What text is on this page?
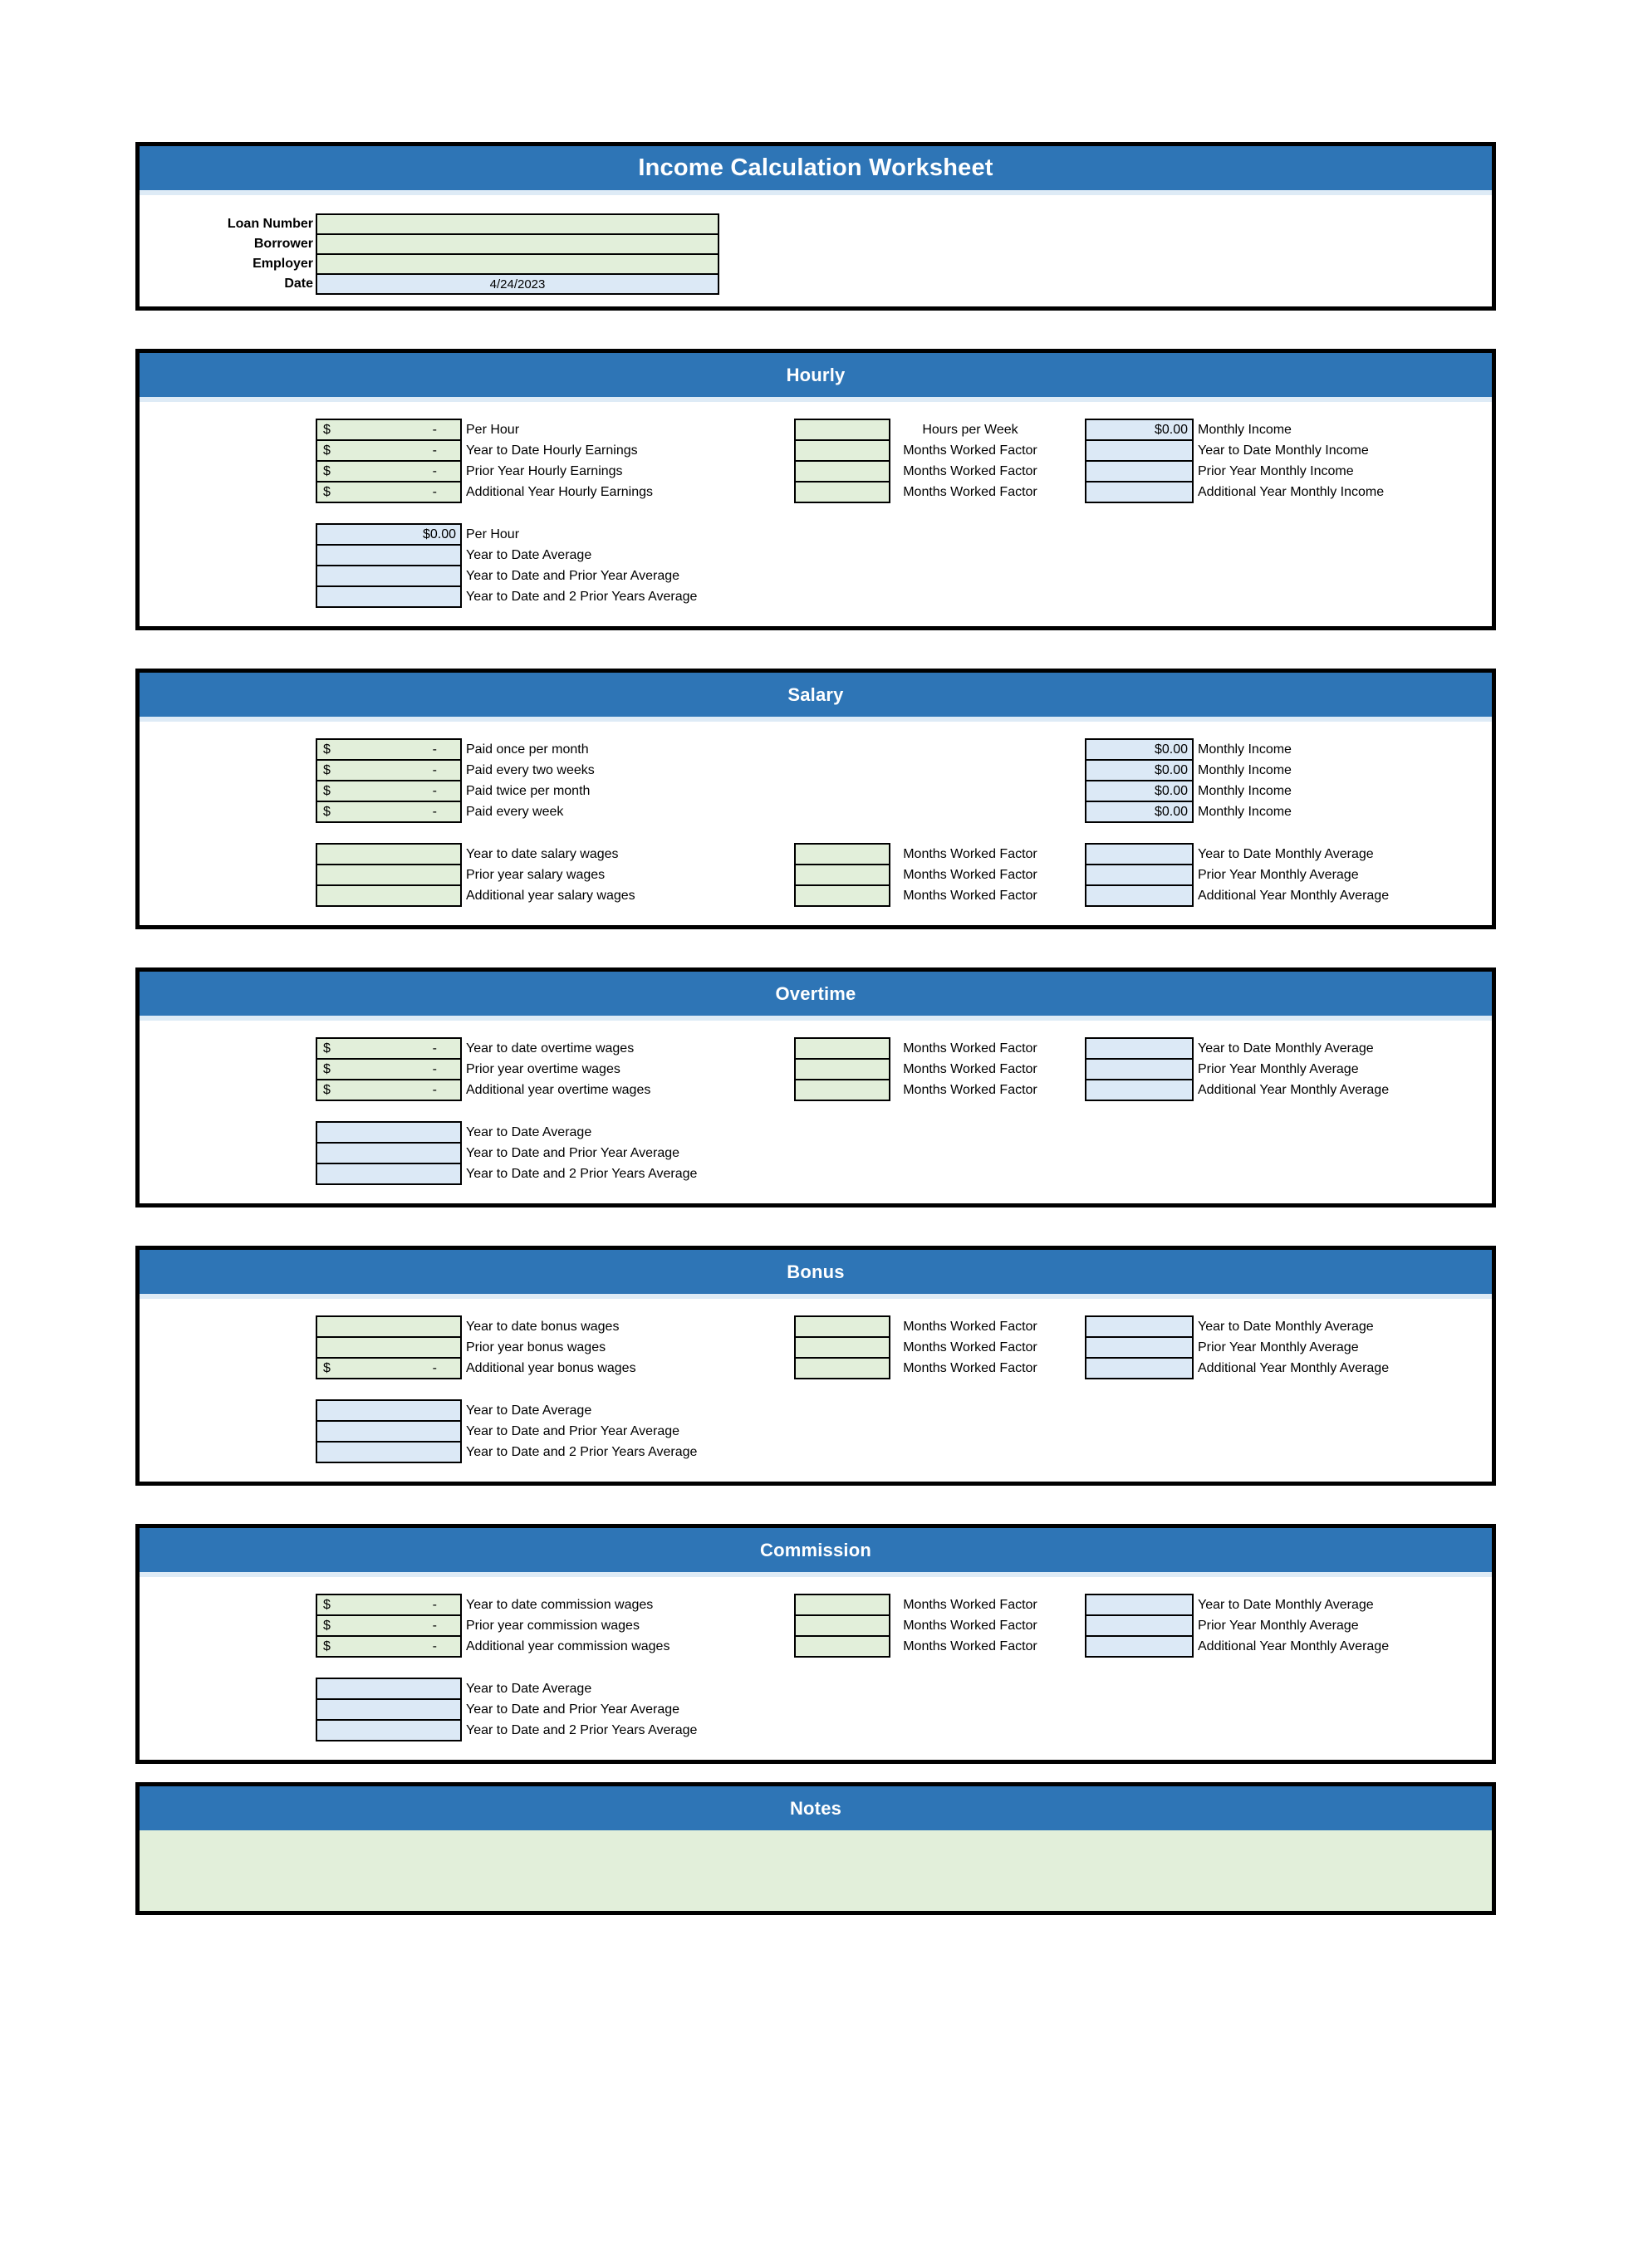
Income Calculation Worksheet
Loan Number
Borrower
Employer
Date	4/24/2023
Hourly
$	-	Per Hour	Hours per Week	$0.00 Monthly Income
$	-	Year to Date Hourly Earnings	Months Worked Factor	Year to Date Monthly Income
$	-	Prior Year Hourly Earnings	Months Worked Factor	Prior Year Monthly Income
$	-	Additional Year Hourly Earnings	Months Worked Factor	Additional Year Monthly Income
$0.00 Per Hour
Year to Date Average
Year to Date and Prior Year Average
Year to Date and 2 Prior Years Average
Salary
$	-	Paid once per month	$0.00 Monthly Income
$	-	Paid every two weeks	$0.00 Monthly Income
$	-	Paid twice per month	$0.00 Monthly Income
$	-	Paid every week	$0.00 Monthly Income
Year to date salary wages	Months Worked Factor	Year to Date Monthly Average
Prior year salary wages	Months Worked Factor	Prior Year Monthly Average
Additional year salary wages	Months Worked Factor	Additional Year Monthly Average
Overtime
$	-	Year to date overtime wages	Months Worked Factor	Year to Date Monthly Average
$	-	Prior year overtime wages	Months Worked Factor	Prior Year Monthly Average
$	-	Additional year overtime wages	Months Worked Factor	Additional Year Monthly Average
Year to Date Average
Year to Date and Prior Year Average
Year to Date and 2 Prior Years Average
Bonus
Year to date bonus wages	Months Worked Factor	Year to Date Monthly Average
Prior year bonus wages	Months Worked Factor	Prior Year Monthly Average
$	-	Additional year bonus wages	Months Worked Factor	Additional Year Monthly Average
Year to Date Average
Year to Date and Prior Year Average
Year to Date and 2 Prior Years Average
Commission
$	-	Year to date commission wages	Months Worked Factor	Year to Date Monthly Average
$	-	Prior year commission wages	Months Worked Factor	Prior Year Monthly Average
$	-	Additional year commission wages	Months Worked Factor	Additional Year Monthly Average
Year to Date Average
Year to Date and Prior Year Average
Year to Date and 2 Prior Years Average
Notes
